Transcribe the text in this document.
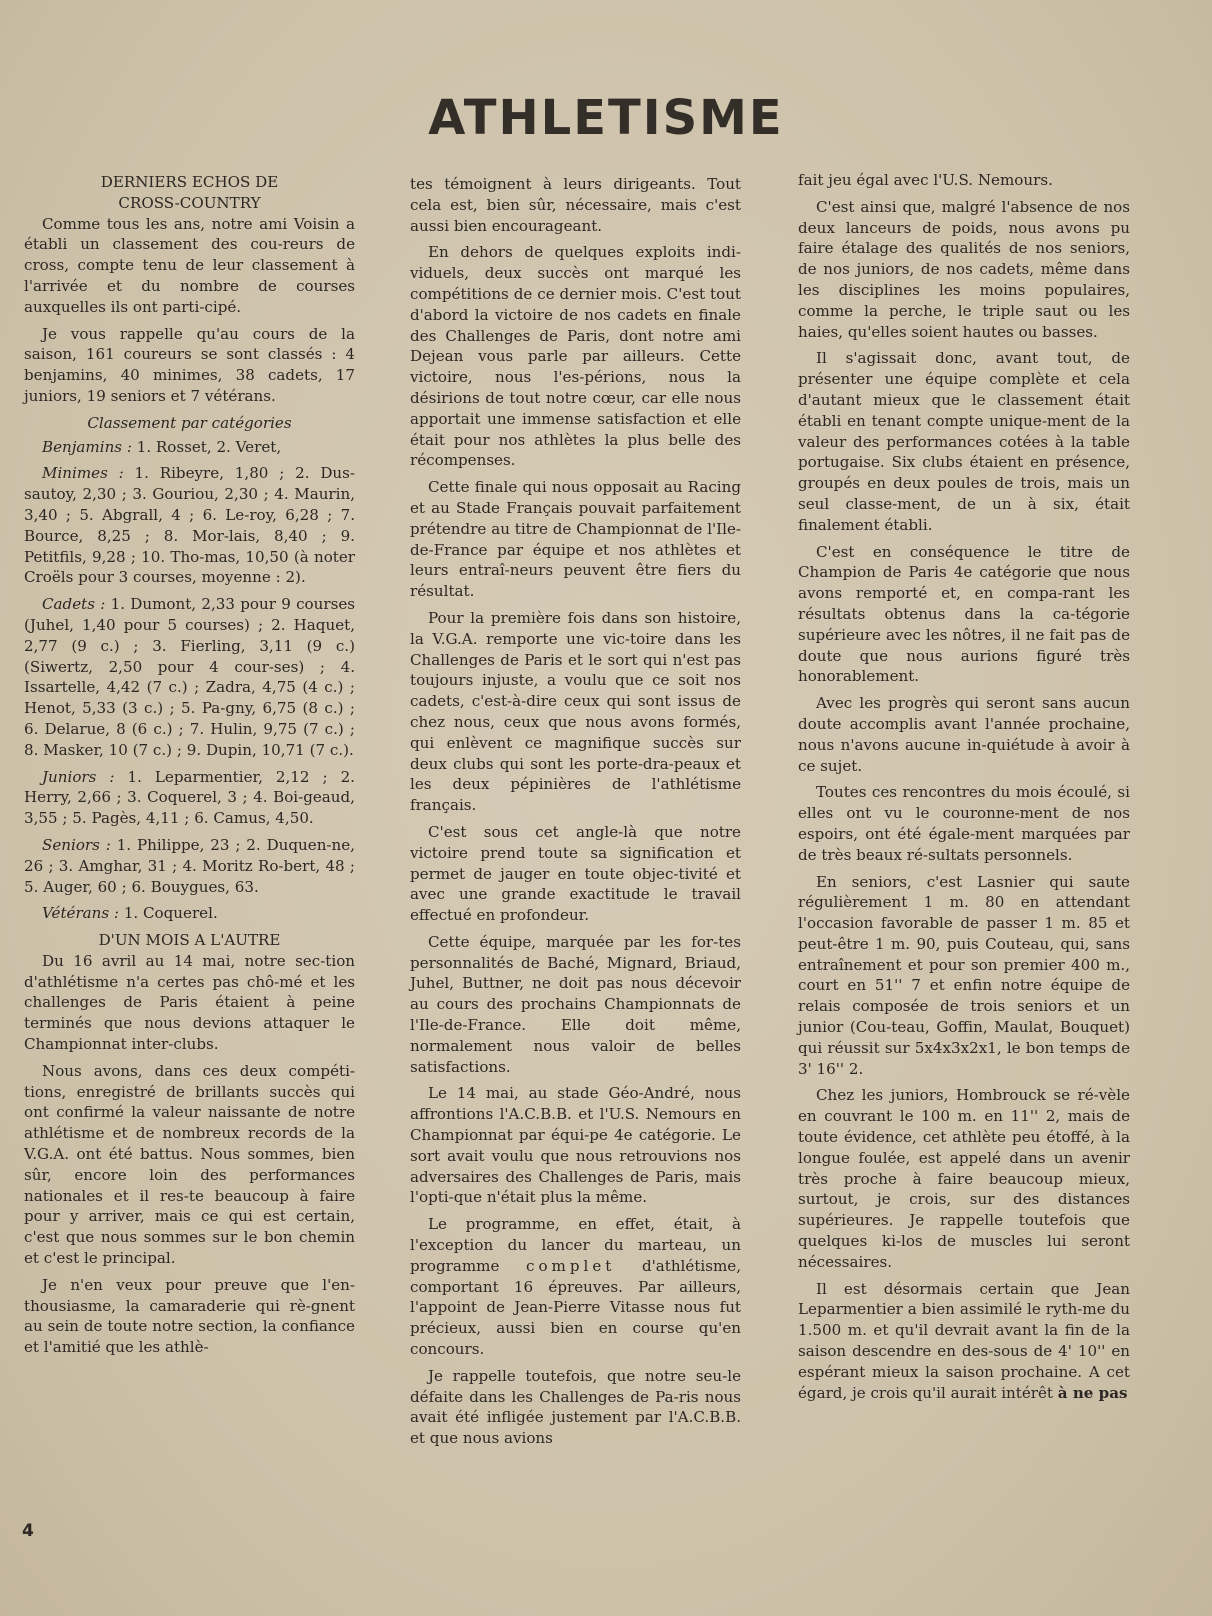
ATHLETISME
DERNIERS ECHOS DE
CROSS-COUNTRY

Comme tous les ans, notre ami Voisin a établi un classement des cou-reurs de cross, compte tenu de leur classement à l'arrivée et du nombre de courses auxquelles ils ont parti-cipé.

Je vous rappelle qu'au cours de la saison, 161 coureurs se sont classés : 4 benjamins, 40 minimes, 38 cadets, 17 juniors, 19 seniors et 7 vétérans.

Classement par catégories

Benjamins : 1. Rosset, 2. Veret,

Minimes : 1. Ribeyre, 1,80 ; 2. Dus-sautoy, 2,30 ; 3. Gouriou, 2,30 ; 4. Maurin, 3,40 ; 5. Abgrall, 4 ; 6. Le-roy, 6,28 ; 7. Bource, 8,25 ; 8. Mor-lais, 8,40 ; 9. Petitfils, 9,28 ; 10. Tho-mas, 10,50 (à noter Croëls pour 3 courses, moyenne : 2).

Cadets : 1. Dumont, 2,33 pour 9 courses (Juhel, 1,40 pour 5 courses) ; 2. Haquet, 2,77 (9 c.) ; 3. Fierling, 3,11 (9 c.) (Siwertz, 2,50 pour 4 cour-ses) ; 4. Issartelle, 4,42 (7 c.) ; Zadra, 4,75 (4 c.) ; Henot, 5,33 (3 c.) ; 5. Pa-gny, 6,75 (8 c.) ; 6. Delarue, 8 (6 c.) ; 7. Hulin, 9,75 (7 c.) ; 8. Masker, 10 (7 c.) ; 9. Dupin, 10,71 (7 c.).

Juniors : 1. Leparmentier, 2,12 ; 2. Herry, 2,66 ; 3. Coquerel, 3 ; 4. Boi-geaud, 3,55 ; 5. Pagès, 4,11 ; 6. Camus, 4,50.

Seniors : 1. Philippe, 23 ; 2. Duquen-ne, 26 ; 3. Amghar, 31 ; 4. Moritz Ro-bert, 48 ; 5. Auger, 60 ; 6. Bouygues, 63.

Vétérans : 1. Coquerel.

D'UN MOIS A L'AUTRE

Du 16 avril au 14 mai, notre sec-tion d'athlétisme n'a certes pas chô-mé et les challenges de Paris étaient à peine terminés que nous devions attaquer le Championnat inter-clubs.

Nous avons, dans ces deux compéti-tions, enregistré de brillants succès qui ont confirmé la valeur naissante de notre athlétisme et de nombreux records de la V.G.A. ont été battus. Nous sommes, bien sûr, encore loin des performances nationales et il res-te beaucoup à faire pour y arriver, mais ce qui est certain, c'est que nous sommes sur le bon chemin et c'est le principal.

Je n'en veux pour preuve que l'en-thousiasme, la camaraderie qui rè-gnent au sein de toute notre section, la confiance et l'amitié que les athlè-

tes témoignent à leurs dirigeants. Tout cela est, bien sûr, nécessaire, mais c'est aussi bien encourageant.

En dehors de quelques exploits indi-viduels, deux succès ont marqué les compétitions de ce dernier mois. C'est tout d'abord la victoire de nos cadets en finale des Challenges de Paris, dont notre ami Dejean vous parle par ailleurs. Cette victoire, nous l'es-périons, nous la désirions de tout notre cœur, car elle nous apportait une immense satisfaction et elle était pour nos athlètes la plus belle des récompenses.

Cette finale qui nous opposait au Racing et au Stade Français pouvait parfaitement prétendre au titre de Championnat de l'Ile-de-France par équipe et nos athlètes et leurs entraî-neurs peuvent être fiers du résultat.

Pour la première fois dans son histoire, la V.G.A. remporte une vic-toire dans les Challenges de Paris et le sort qui n'est pas toujours injuste, a voulu que ce soit nos cadets, c'est-à-dire ceux qui sont issus de chez nous, ceux que nous avons formés, qui enlèvent ce magnifique succès sur deux clubs qui sont les porte-dra-peaux et les deux pépinières de l'athlétisme français.

C'est sous cet angle-là que notre victoire prend toute sa signification et permet de jauger en toute objec-tivité et avec une grande exactitude le travail effectué en profondeur.

Cette équipe, marquée par les for-tes personnalités de Baché, Mignard, Briaud, Juhel, Buttner, ne doit pas nous décevoir au cours des prochains Championnats de l'Ile-de-France. Elle doit même, normalement nous valoir de belles satisfactions.

Le 14 mai, au stade Géo-André, nous affrontions l'A.C.B.B. et l'U.S. Nemours en Championnat par équi-pe 4e catégorie. Le sort avait voulu que nous retrouvions nos adversaires des Challenges de Paris, mais l'opti-que n'était plus la même.

Le programme, en effet, était, à l'exception du lancer du marteau, un programme complet d'athlétisme, comportant 16 épreuves. Par ailleurs, l'appoint de Jean-Pierre Vitasse nous fut précieux, aussi bien en course qu'en concours.

Je rappelle toutefois, que notre seu-le défaite dans les Challenges de Pa-ris nous avait été infligée justement par l'A.C.B.B. et que nous avions

fait jeu égal avec l'U.S. Nemours.

C'est ainsi que, malgré l'absence de nos deux lanceurs de poids, nous avons pu faire étalage des qualités de nos seniors, de nos juniors, de nos cadets, même dans les disciplines les moins populaires, comme la perche, le triple saut ou les haies, qu'elles soient hautes ou basses.

Il s'agissait donc, avant tout, de présenter une équipe complète et cela d'autant mieux que le classement était établi en tenant compte unique-ment de la valeur des performances cotées à la table portugaise. Six clubs étaient en présence, groupés en deux poules de trois, mais un seul classe-ment, de un à six, était finalement établi.

C'est en conséquence le titre de Champion de Paris 4e catégorie que nous avons remporté et, en compa-rant les résultats obtenus dans la ca-tégorie supérieure avec les nôtres, il ne fait pas de doute que nous aurions figuré très honorablement.

Avec les progrès qui seront sans aucun doute accomplis avant l'année prochaine, nous n'avons aucune in-quiétude à avoir à ce sujet.

Toutes ces rencontres du mois écoulé, si elles ont vu le couronne-ment de nos espoirs, ont été égale-ment marquées par de très beaux ré-sultats personnels.

En seniors, c'est Lasnier qui saute régulièrement 1 m. 80 en attendant l'occasion favorable de passer 1 m. 85 et peut-être 1 m. 90, puis Couteau, qui, sans entraînement et pour son premier 400 m., court en 51'' 7 et enfin notre équipe de relais composée de trois seniors et un junior (Cou-teau, Goffin, Maulat, Bouquet) qui réussit sur 5x4x3x2x1, le bon temps de 3' 16'' 2.

Chez les juniors, Hombrouck se ré-vèle en couvrant le 100 m. en 11'' 2, mais de toute évidence, cet athlète peu étoffé, à la longue foulée, est appelé dans un avenir très proche à faire beaucoup mieux, surtout, je crois, sur des distances supérieures. Je rappelle toutefois que quelques ki-los de muscles lui seront nécessaires.

Il est désormais certain que Jean Leparmentier a bien assimilé le ryth-me du 1.500 m. et qu'il devrait avant la fin de la saison descendre en des-sous de 4' 10'' en espérant mieux la saison prochaine. A cet égard, je crois qu'il aurait intérêt à ne pas

4
